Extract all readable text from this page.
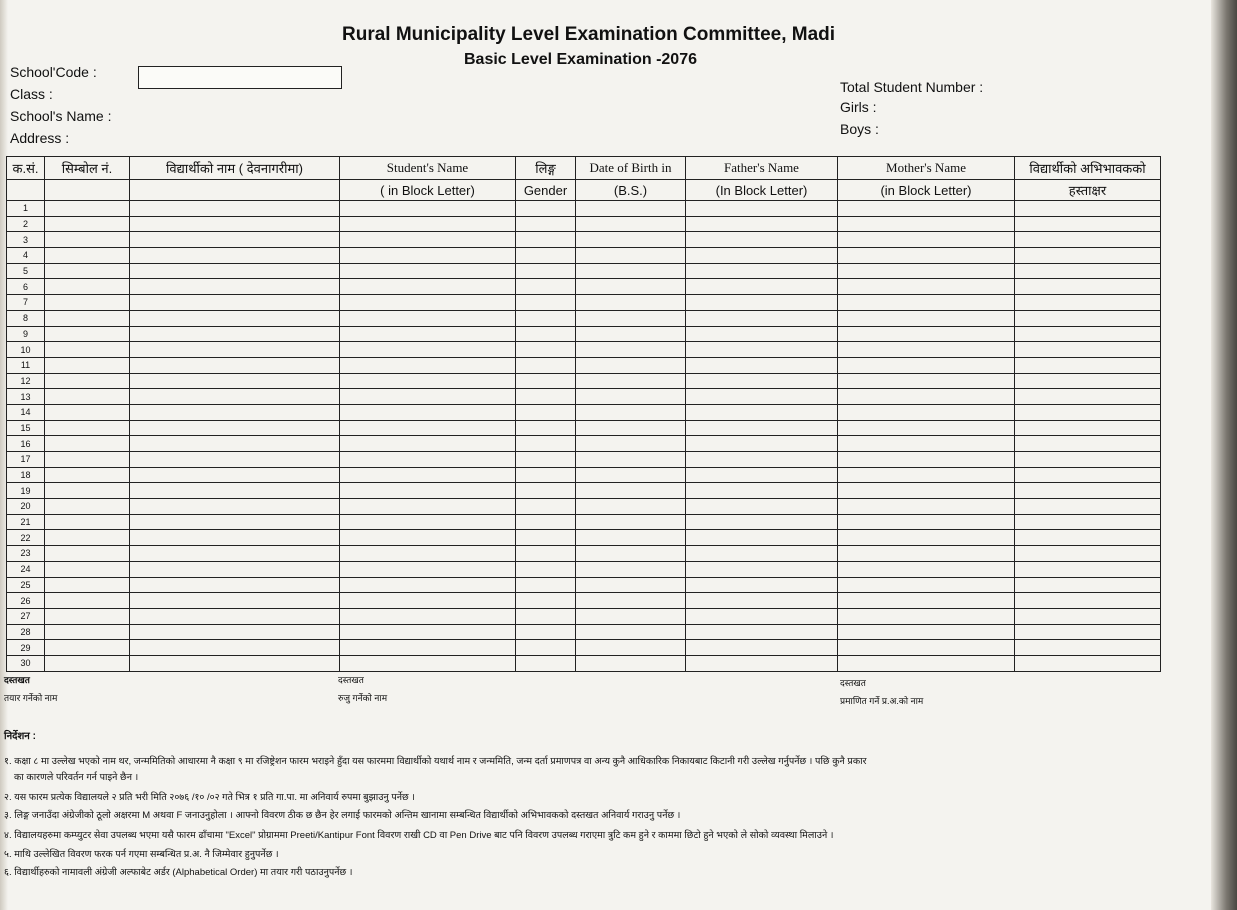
Rural Municipality Level Examination Committee, Madi
Basic Level Examination -2076
School'Code :
Class :
School's Name :
Address :
Total Student Number :
Girls :
Boys :
क.सं.	सिम्बोल नं.	विद्यार्थीको नाम ( देवनागरीमा)	Student's Name	लिङ्ग	Date of Birth in	Father's Name	Mother's Name	विद्यार्थीको अभिभावकको
			( in Block Letter)	Gender	(B.S.)	(In Block Letter)	(in Block Letter)	हस्ताक्षर
1								
2								
3								
4								
5								
6								
7								
8								
9								
10								
11								
12								
13								
14								
15								
16								
17								
18								
19								
20								
21								
22								
23								
24								
25								
26								
27								
28								
29								
30								
दस्तखत
तयार गर्नेको नाम
दस्तखत
रुजु गर्नेको नाम
दस्तखत
प्रमाणित गर्ने प्र.अ.को नाम
निर्देशन :
१. कक्षा ८ मा उल्लेख भएको नाम थर, जन्ममितिको आधारमा नै कक्षा ९ मा रजिष्ट्रेशन फारम भराइने हुँदा यस फारममा विद्यार्थीको यथार्थ नाम र जन्ममिति, जन्म दर्ता प्रमाणपत्र वा अन्य कुनै आधिकारिक निकायबाट किटानी गरी उल्लेख गर्नुपर्नेछ । पछि कुनै प्रकार
का कारणले परिवर्तन गर्न पाइने छैन ।
२. यस फारम प्रत्येक विद्यालयले २ प्रति भरी मिति २०७६ /१० /०२ गते भित्र १ प्रति गा.पा. मा अनिवार्य रुपमा बुझाउनु पर्नेछ ।
३. लिङ्ग जनाउँदा अंग्रेजीको ठूलो अक्षरमा M अथवा F जनाउनुहोला । आफ्नो विवरण ठीक छ छैन हेर लगाई फारमको अन्तिम खानामा सम्बन्धित विद्यार्थीको अभिभावकको दस्तखत अनिवार्य गराउनु पर्नेछ ।
४. विद्यालयहरुमा कम्प्युटर सेवा उपलब्ध भएमा यसै फारम ढाँचामा "Excel" प्रोग्राममा Preeti/Kantipur Font विवरण राखी CD वा Pen Drive बाट पनि विवरण उपलब्ध गराएमा त्रुटि कम हुने र काममा छिटो हुने भएको ले सोको व्यवस्था मिलाउने ।
५. माथि उल्लेखित विवरण फरक पर्न गएमा सम्बन्धित प्र.अ. नै जिम्मेवार हुनुपर्नेछ ।
६. विद्यार्थीहरुको नामावली अंग्रेजी अल्फाबेट अर्डर (Alphabetical Order) मा तयार गरी पठाउनुपर्नेछ ।
